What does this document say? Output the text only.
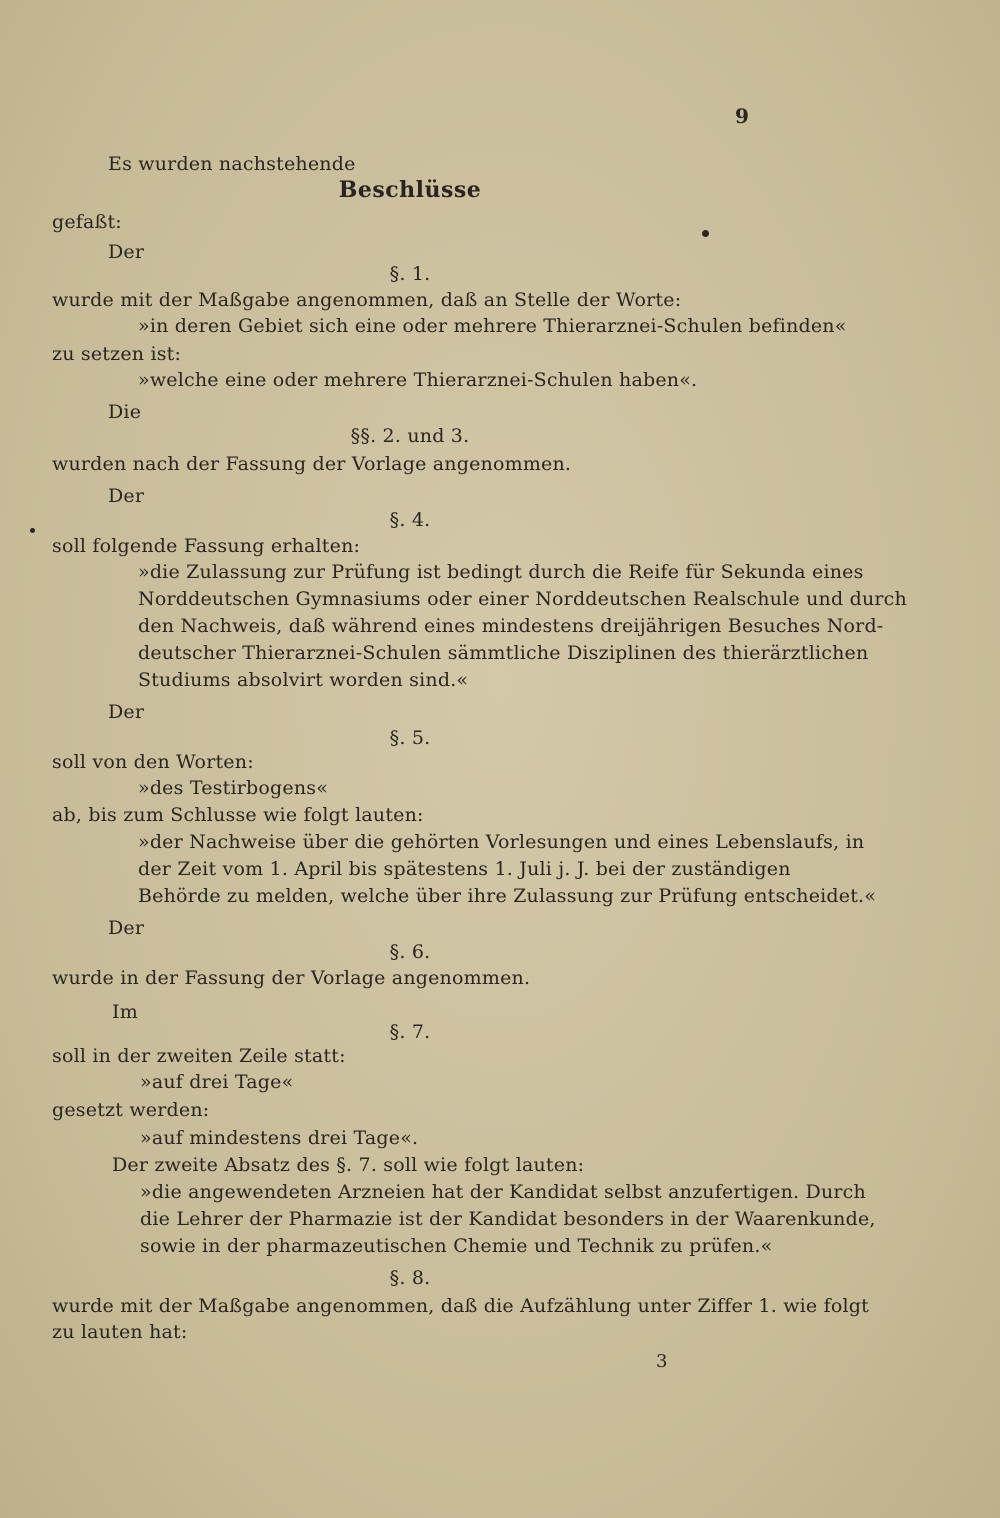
9
Es wurden nachstehende
Beschlüsse
gefaßt:
Der
§. 1.
wurde mit der Maßgabe angenommen, daß an Stelle der Worte:
»in deren Gebiet sich eine oder mehrere Thierarznei-Schulen befinden«
zu setzen ist:
»welche eine oder mehrere Thierarznei-Schulen haben«.
Die
§§. 2. und 3.
wurden nach der Fassung der Vorlage angenommen.
Der
§. 4.
soll folgende Fassung erhalten:
»die Zulassung zur Prüfung ist bedingt durch die Reife für Sekunda eines
Norddeutschen Gymnasiums oder einer Norddeutschen Realschule und durch
den Nachweis, daß während eines mindestens dreijährigen Besuches Nord-
deutscher Thierarznei-Schulen sämmtliche Disziplinen des thierärztlichen
Studiums absolvirt worden sind.«
Der
§. 5.
soll von den Worten:
»des Testirbogens«
ab, bis zum Schlusse wie folgt lauten:
»der Nachweise über die gehörten Vorlesungen und eines Lebenslaufs, in
der Zeit vom 1. April bis spätestens 1. Juli j. J. bei der zuständigen
Behörde zu melden, welche über ihre Zulassung zur Prüfung entscheidet.«
Der
§. 6.
wurde in der Fassung der Vorlage angenommen.
Im
§. 7.
soll in der zweiten Zeile statt:
»auf drei Tage«
gesetzt werden:
»auf mindestens drei Tage«.
Der zweite Absatz des §. 7. soll wie folgt lauten:
»die angewendeten Arzneien hat der Kandidat selbst anzufertigen. Durch
die Lehrer der Pharmazie ist der Kandidat besonders in der Waarenkunde,
sowie in der pharmazeutischen Chemie und Technik zu prüfen.«
§. 8.
wurde mit der Maßgabe angenommen, daß die Aufzählung unter Ziffer 1. wie folgt
zu lauten hat:
3
